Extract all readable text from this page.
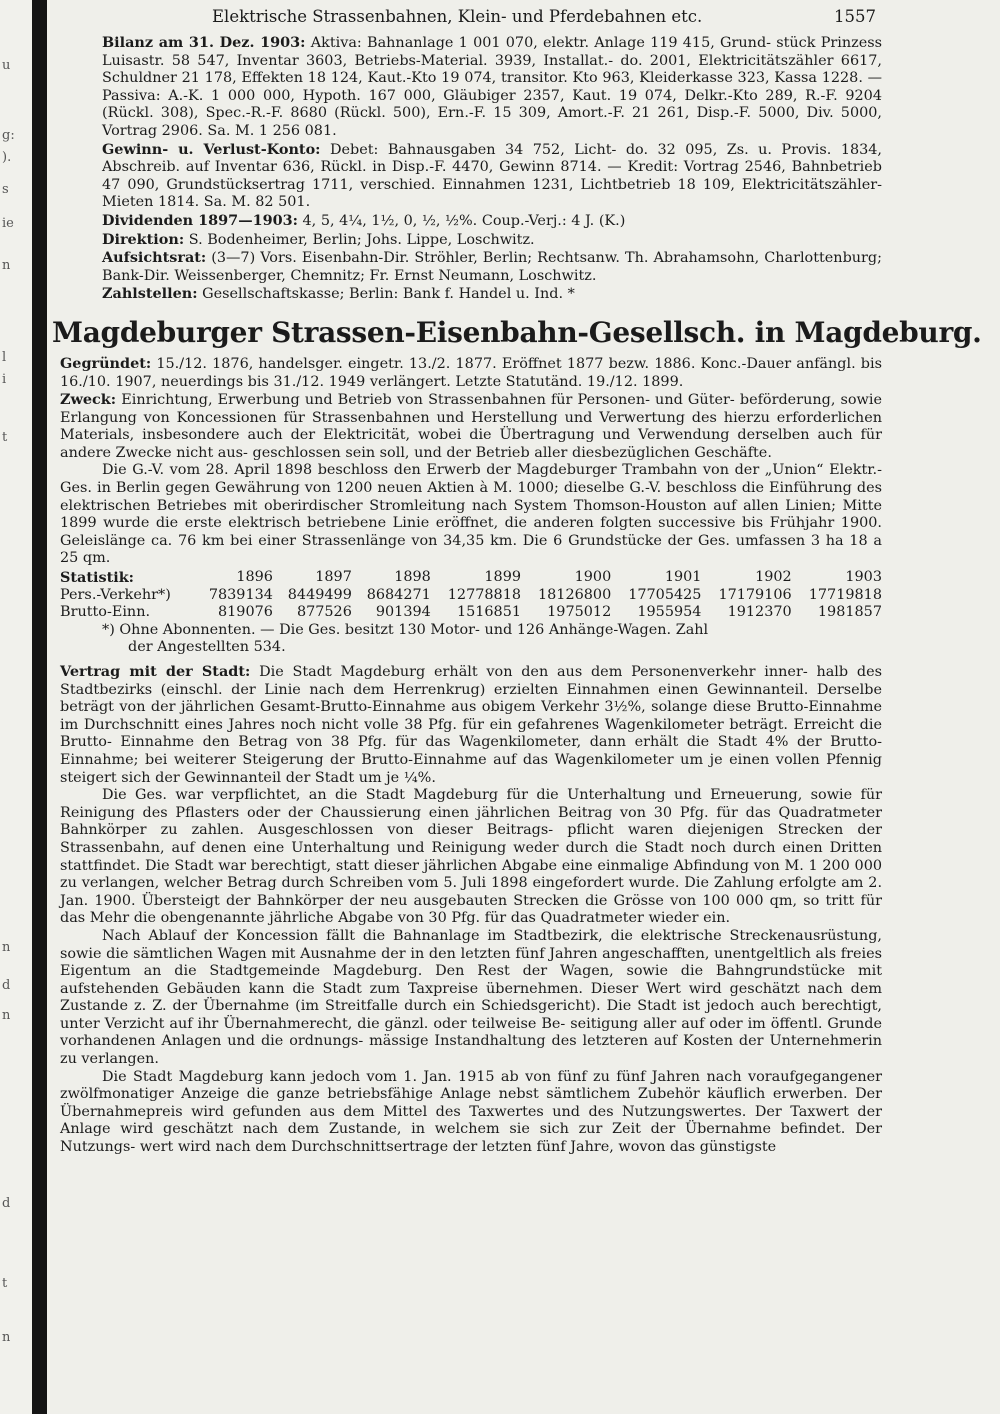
u
g:
).
s
ie
n
l
i
t
n
d
n
d
t
n
Elektrische Strassenbahnen, Klein- und Pferdebahnen etc.	1557
Bilanz am 31. Dez. 1903: Aktiva: Bahnanlage 1 001 070, elektr. Anlage 119 415, Grund- stück Prinzess Luisastr. 58 547, Inventar 3603, Betriebs-Material. 3939, Installat.- do. 2001, Elektricitätszähler 6617, Schuldner 21 178, Effekten 18 124, Kaut.-Kto 19 074, transitor. Kto 963, Kleiderkasse 323, Kassa 1228. — Passiva: A.-K. 1 000 000, Hypoth. 167 000, Gläubiger 2357, Kaut. 19 074, Delkr.-Kto 289, R.-F. 9204 (Rückl. 308), Spec.-R.-F. 8680 (Rückl. 500), Ern.-F. 15 309, Amort.-F. 21 261, Disp.-F. 5000, Div. 5000, Vortrag 2906. Sa. M. 1 256 081.
Gewinn- u. Verlust-Konto: Debet: Bahnausgaben 34 752, Licht- do. 32 095, Zs. u. Provis. 1834, Abschreib. auf Inventar 636, Rückl. in Disp.-F. 4470, Gewinn 8714. — Kredit: Vortrag 2546, Bahnbetrieb 47 090, Grundstücksertrag 1711, verschied. Einnahmen 1231, Lichtbetrieb 18 109, Elektricitätszähler-Mieten 1814. Sa. M. 82 501.
Dividenden 1897—1903: 4, 5, 4¼, 1½, 0, ½, ½%. Coup.-Verj.: 4 J. (K.)
Direktion: S. Bodenheimer, Berlin; Johs. Lippe, Loschwitz.
Aufsichtsrat: (3—7) Vors. Eisenbahn-Dir. Ströhler, Berlin; Rechtsanw. Th. Abrahamsohn, Charlottenburg; Bank-Dir. Weissenberger, Chemnitz; Fr. Ernst Neumann, Loschwitz.
Zahlstellen: Gesellschaftskasse; Berlin: Bank f. Handel u. Ind. *
Magdeburger Strassen-Eisenbahn-Gesellsch. in Magdeburg.
Gegründet: 15./12. 1876, handelsger. eingetr. 13./2. 1877. Eröffnet 1877 bezw. 1886. Konc.-Dauer anfängl. bis 16./10. 1907, neuerdings bis 31./12. 1949 verlängert. Letzte Statutänd. 19./12. 1899.
Zweck: Einrichtung, Erwerbung und Betrieb von Strassenbahnen für Personen- und Güter- beförderung, sowie Erlangung von Koncessionen für Strassenbahnen und Herstellung und Verwertung des hierzu erforderlichen Materials, insbesondere auch der Elektricität, wobei die Übertragung und Verwendung derselben auch für andere Zwecke nicht aus- geschlossen sein soll, und der Betrieb aller diesbezüglichen Geschäfte.

Die G.-V. vom 28. April 1898 beschloss den Erwerb der Magdeburger Trambahn von der „Union“ Elektr.-Ges. in Berlin gegen Gewährung von 1200 neuen Aktien à M. 1000; dieselbe G.-V. beschloss die Einführung des elektrischen Betriebes mit oberirdischer Stromleitung nach System Thomson-Houston auf allen Linien; Mitte 1899 wurde die erste elektrisch betriebene Linie eröffnet, die anderen folgten successive bis Frühjahr 1900. Geleislänge ca. 76 km bei einer Strassenlänge von 34,35 km. Die 6 Grundstücke der Ges. umfassen 3 ha 18 a 25 qm.

Statistik:	1896	1897	1898	1899	1900	1901	1902	1903
Pers.-Verkehr*)	7839134	8449499	8684271	12778818	18126800	17705425	17179106	17719818
Brutto-Einn.	819076	877526	901394	1516851	1975012	1955954	1912370	1981857
*) Ohne Abonnenten. — Die Ges. besitzt 130 Motor- und 126 Anhänge-Wagen. Zahl
der Angestellten 534.
Vertrag mit der Stadt: Die Stadt Magdeburg erhält von den aus dem Personenverkehr inner- halb des Stadtbezirks (einschl. der Linie nach dem Herrenkrug) erzielten Einnahmen einen Gewinnanteil. Derselbe beträgt von der jährlichen Gesamt-Brutto-Einnahme aus obigem Verkehr 3½%, solange diese Brutto-Einnahme im Durchschnitt eines Jahres noch nicht volle 38 Pfg. für ein gefahrenes Wagenkilometer beträgt. Erreicht die Brutto- Einnahme den Betrag von 38 Pfg. für das Wagenkilometer, dann erhält die Stadt 4% der Brutto-Einnahme; bei weiterer Steigerung der Brutto-Einnahme auf das Wagenkilometer um je einen vollen Pfennig steigert sich der Gewinnanteil der Stadt um je ¼%.

Die Ges. war verpflichtet, an die Stadt Magdeburg für die Unterhaltung und Erneuerung, sowie für Reinigung des Pflasters oder der Chaussierung einen jährlichen Beitrag von 30 Pfg. für das Quadratmeter Bahnkörper zu zahlen. Ausgeschlossen von dieser Beitrags- pflicht waren diejenigen Strecken der Strassenbahn, auf denen eine Unterhaltung und Reinigung weder durch die Stadt noch durch einen Dritten stattfindet. Die Stadt war berechtigt, statt dieser jährlichen Abgabe eine einmalige Abfindung von M. 1 200 000 zu verlangen, welcher Betrag durch Schreiben vom 5. Juli 1898 eingefordert wurde. Die Zahlung erfolgte am 2. Jan. 1900. Übersteigt der Bahnkörper der neu ausgebauten Strecken die Grösse von 100 000 qm, so tritt für das Mehr die obengenannte jährliche Abgabe von 30 Pfg. für das Quadratmeter wieder ein.

Nach Ablauf der Koncession fällt die Bahnanlage im Stadtbezirk, die elektrische Streckenausrüstung, sowie die sämtlichen Wagen mit Ausnahme der in den letzten fünf Jahren angeschafften, unentgeltlich als freies Eigentum an die Stadtgemeinde Magdeburg. Den Rest der Wagen, sowie die Bahngrundstücke mit aufstehenden Gebäuden kann die Stadt zum Taxpreise übernehmen. Dieser Wert wird geschätzt nach dem Zustande z. Z. der Übernahme (im Streitfalle durch ein Schiedsgericht). Die Stadt ist jedoch auch berechtigt, unter Verzicht auf ihr Übernahmerecht, die gänzl. oder teilweise Be- seitigung aller auf oder im öffentl. Grunde vorhandenen Anlagen und die ordnungs- mässige Instandhaltung des letzteren auf Kosten der Unternehmerin zu verlangen.

Die Stadt Magdeburg kann jedoch vom 1. Jan. 1915 ab von fünf zu fünf Jahren nach voraufgegangener zwölfmonatiger Anzeige die ganze betriebsfähige Anlage nebst sämtlichem Zubehör käuflich erwerben. Der Übernahmepreis wird gefunden aus dem Mittel des Taxwertes und des Nutzungswertes. Der Taxwert der Anlage wird geschätzt nach dem Zustande, in welchem sie sich zur Zeit der Übernahme befindet. Der Nutzungs- wert wird nach dem Durchschnittsertrage der letzten fünf Jahre, wovon das günstigste
